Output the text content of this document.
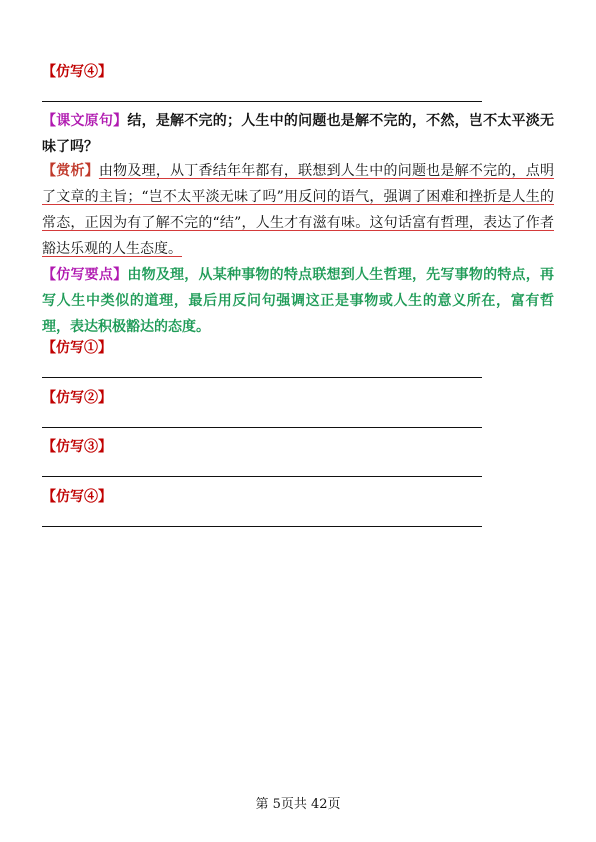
【仿写④】
【课文原句】结，是解不完的；人生中的问题也是解不完的，不然，岂不太平淡无味了吗？
【赏析】由物及理，从丁香结年年都有，联想到人生中的问题也是解不完的，点明了文章的主旨；“岂不太平淡无味了吗”用反问的语气，强调了困难和挫折是人生的常态，正因为有了解不完的“结”，人生才有滋有味。这句话富有哲理，表达了作者豁达乐观的人生态度。
【仿写要点】由物及理，从某种事物的特点联想到人生哲理，先写事物的特点，再写人生中类似的道理，最后用反问句强调这正是事物或人生的意义所在，富有哲理，表达积极豁达的态度。
【仿写①】
【仿写②】
【仿写③】
【仿写④】
第 5页共 42页
